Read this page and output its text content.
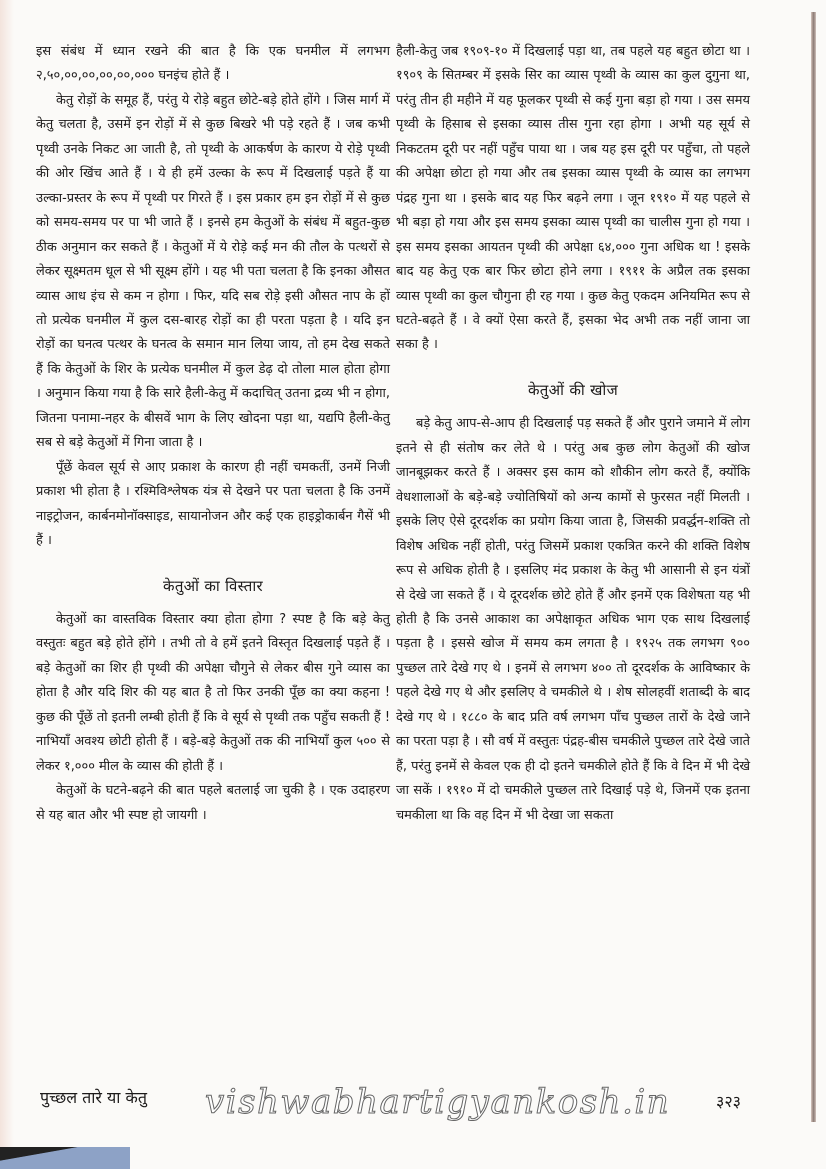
इस संबंध में ध्यान रखने की बात है कि एक घनमील में लगभग २,५०,००,००,००,००,००० घनइंच होते हैं ।

केतु रोड़ों के समूह हैं, परंतु ये रोड़े बहुत छोटे-बड़े होते होंगे । जिस मार्ग में केतु चलता है, उसमें इन रोड़ों में से कुछ बिखरे भी पड़े रहते हैं । जब कभी पृथ्वी उनके निकट आ जाती है, तो पृथ्वी के आकर्षण के कारण ये रोड़े पृथ्वी की ओर खिंच आते हैं । ये ही हमें उल्का के रूप में दिखलाई पड़ते हैं या उल्का-प्रस्तर के रूप में पृथ्वी पर गिरते हैं । इस प्रकार हम इन रोड़ों में से कुछ को समय-समय पर पा भी जाते हैं । इनसे हम केतुओं के संबंध में बहुत-कुछ ठीक अनुमान कर सकते हैं । केतुओं में ये रोड़े कई मन की तौल के पत्थरों से लेकर सूक्ष्मतम धूल से भी सूक्ष्म होंगे । यह भी पता चलता है कि इनका औसत व्यास आध इंच से कम न होगा । फिर, यदि सब रोड़े इसी औसत नाप के हों तो प्रत्येक घनमील में कुल दस-बारह रोड़ों का ही परता पड़ता है । यदि इन रोड़ों का घनत्व पत्थर के घनत्व के समान मान लिया जाय, तो हम देख सकते हैं कि केतुओं के शिर के प्रत्येक घनमील में कुल डेढ़ दो तोला माल होता होगा । अनुमान किया गया है कि सारे हैली-केतु में कदाचित् उतना द्रव्य भी न होगा, जितना पनामा-नहर के बीसवें भाग के लिए खोदना पड़ा था, यद्यपि हैली-केतु सब से बड़े केतुओं में गिना जाता है ।

पूँछें केवल सूर्य से आए प्रकाश के कारण ही नहीं चमकतीं, उनमें निजी प्रकाश भी होता है । रश्मिविश्लेषक यंत्र से देखने पर पता चलता है कि उनमें नाइट्रोजन, कार्बनमोनॉक्साइड, सायानोजन और कई एक हाइड्रोकार्बन गैसें भी हैं ।

केतुओं का विस्तार

केतुओं का वास्तविक विस्तार क्या होता होगा ? स्पष्ट है कि बड़े केतु वस्तुतः बहुत बड़े होते होंगे । तभी तो वे हमें इतने विस्तृत दिखलाई पड़ते हैं । बड़े केतुओं का शिर ही पृथ्वी की अपेक्षा चौगुने से लेकर बीस गुने व्यास का होता है और यदि शिर की यह बात है तो फिर उनकी पूँछ का क्या कहना ! कुछ की पूँछें तो इतनी लम्बी होती हैं कि वे सूर्य से पृथ्वी तक पहुँच सकती हैं ! नाभियाँ अवश्य छोटी होती हैं । बड़े-बड़े केतुओं तक की नाभियाँ कुल ५०० से लेकर १,००० मील के व्यास की होती हैं ।

केतुओं के घटने-बढ़ने की बात पहले बतलाई जा चुकी है । एक उदाहरण से यह बात और भी स्पष्ट हो जायगी ।

हैली-केतु जब १९०९-१० में दिखलाई पड़ा था, तब पहले यह बहुत छोटा था । १९०९ के सितम्बर में इसके सिर का व्यास पृथ्वी के व्यास का कुल दुगुना था, परंतु तीन ही महीने में यह फूलकर पृथ्वी से कई गुना बड़ा हो गया । उस समय पृथ्वी के हिसाब से इसका व्यास तीस गुना रहा होगा । अभी यह सूर्य से निकटतम दूरी पर नहीं पहुँच पाया था । जब यह इस दूरी पर पहुँचा, तो पहले की अपेक्षा छोटा हो गया और तब इसका व्यास पृथ्वी के व्यास का लगभग पंद्रह गुना था । इसके बाद यह फिर बढ़ने लगा । जून १९१० में यह पहले से भी बड़ा हो गया और इस समय इसका व्यास पृथ्वी का चालीस गुना हो गया । इस समय इसका आयतन पृथ्वी की अपेक्षा ६४,००० गुना अधिक था ! इसके बाद यह केतु एक बार फिर छोटा होने लगा । १९११ के अप्रैल तक इसका व्यास पृथ्वी का कुल चौगुना ही रह गया । कुछ केतु एकदम अनियमित रूप से घटते-बढ़ते हैं । वे क्यों ऐसा करते हैं, इसका भेद अभी तक नहीं जाना जा सका है ।

केतुओं की खोज

बड़े केतु आप-से-आप ही दिखलाई पड़ सकते हैं और पुराने जमाने में लोग इतने से ही संतोष कर लेते थे । परंतु अब कुछ लोग केतुओं की खोज जानबूझकर करते हैं । अक्सर इस काम को शौकीन लोग करते हैं, क्योंकि वेधशालाओं के बड़े-बड़े ज्योतिषियों को अन्य कामों से फुरसत नहीं मिलती । इसके लिए ऐसे दूरदर्शक का प्रयोग किया जाता है, जिसकी प्रवर्द्धन-शक्ति तो विशेष अधिक नहीं होती, परंतु जिसमें प्रकाश एकत्रित करने की शक्ति विशेष रूप से अधिक होती है । इसलिए मंद प्रकाश के केतु भी आसानी से इन यंत्रों से देखे जा सकते हैं । ये दूरदर्शक छोटे होते हैं और इनमें एक विशेषता यह भी होती है कि उनसे आकाश का अपेक्षाकृत अधिक भाग एक साथ दिखलाई पड़ता है । इससे खोज में समय कम लगता है । १९२५ तक लगभग ९०० पुच्छल तारे देखे गए थे । इनमें से लगभग ४०० तो दूरदर्शक के आविष्कार के पहले देखे गए थे और इसलिए वे चमकीले थे । शेष सोलहवीं शताब्दी के बाद देखे गए थे । १८८० के बाद प्रति वर्ष लगभग पाँच पुच्छल तारों के देखे जाने का परता पड़ा है । सौ वर्ष में वस्तुतः पंद्रह-बीस चमकीले पुच्छल तारे देखे जाते हैं, परंतु इनमें से केवल एक ही दो इतने चमकीले होते हैं कि वे दिन में भी देखे जा सकें । १९१० में दो चमकीले पुच्छल तारे दिखाई पड़े थे, जिनमें एक इतना चमकीला था कि वह दिन में भी देखा जा सकता

पुच्छल तारे या केतु vishwabhartigyankosh.in	३२३
